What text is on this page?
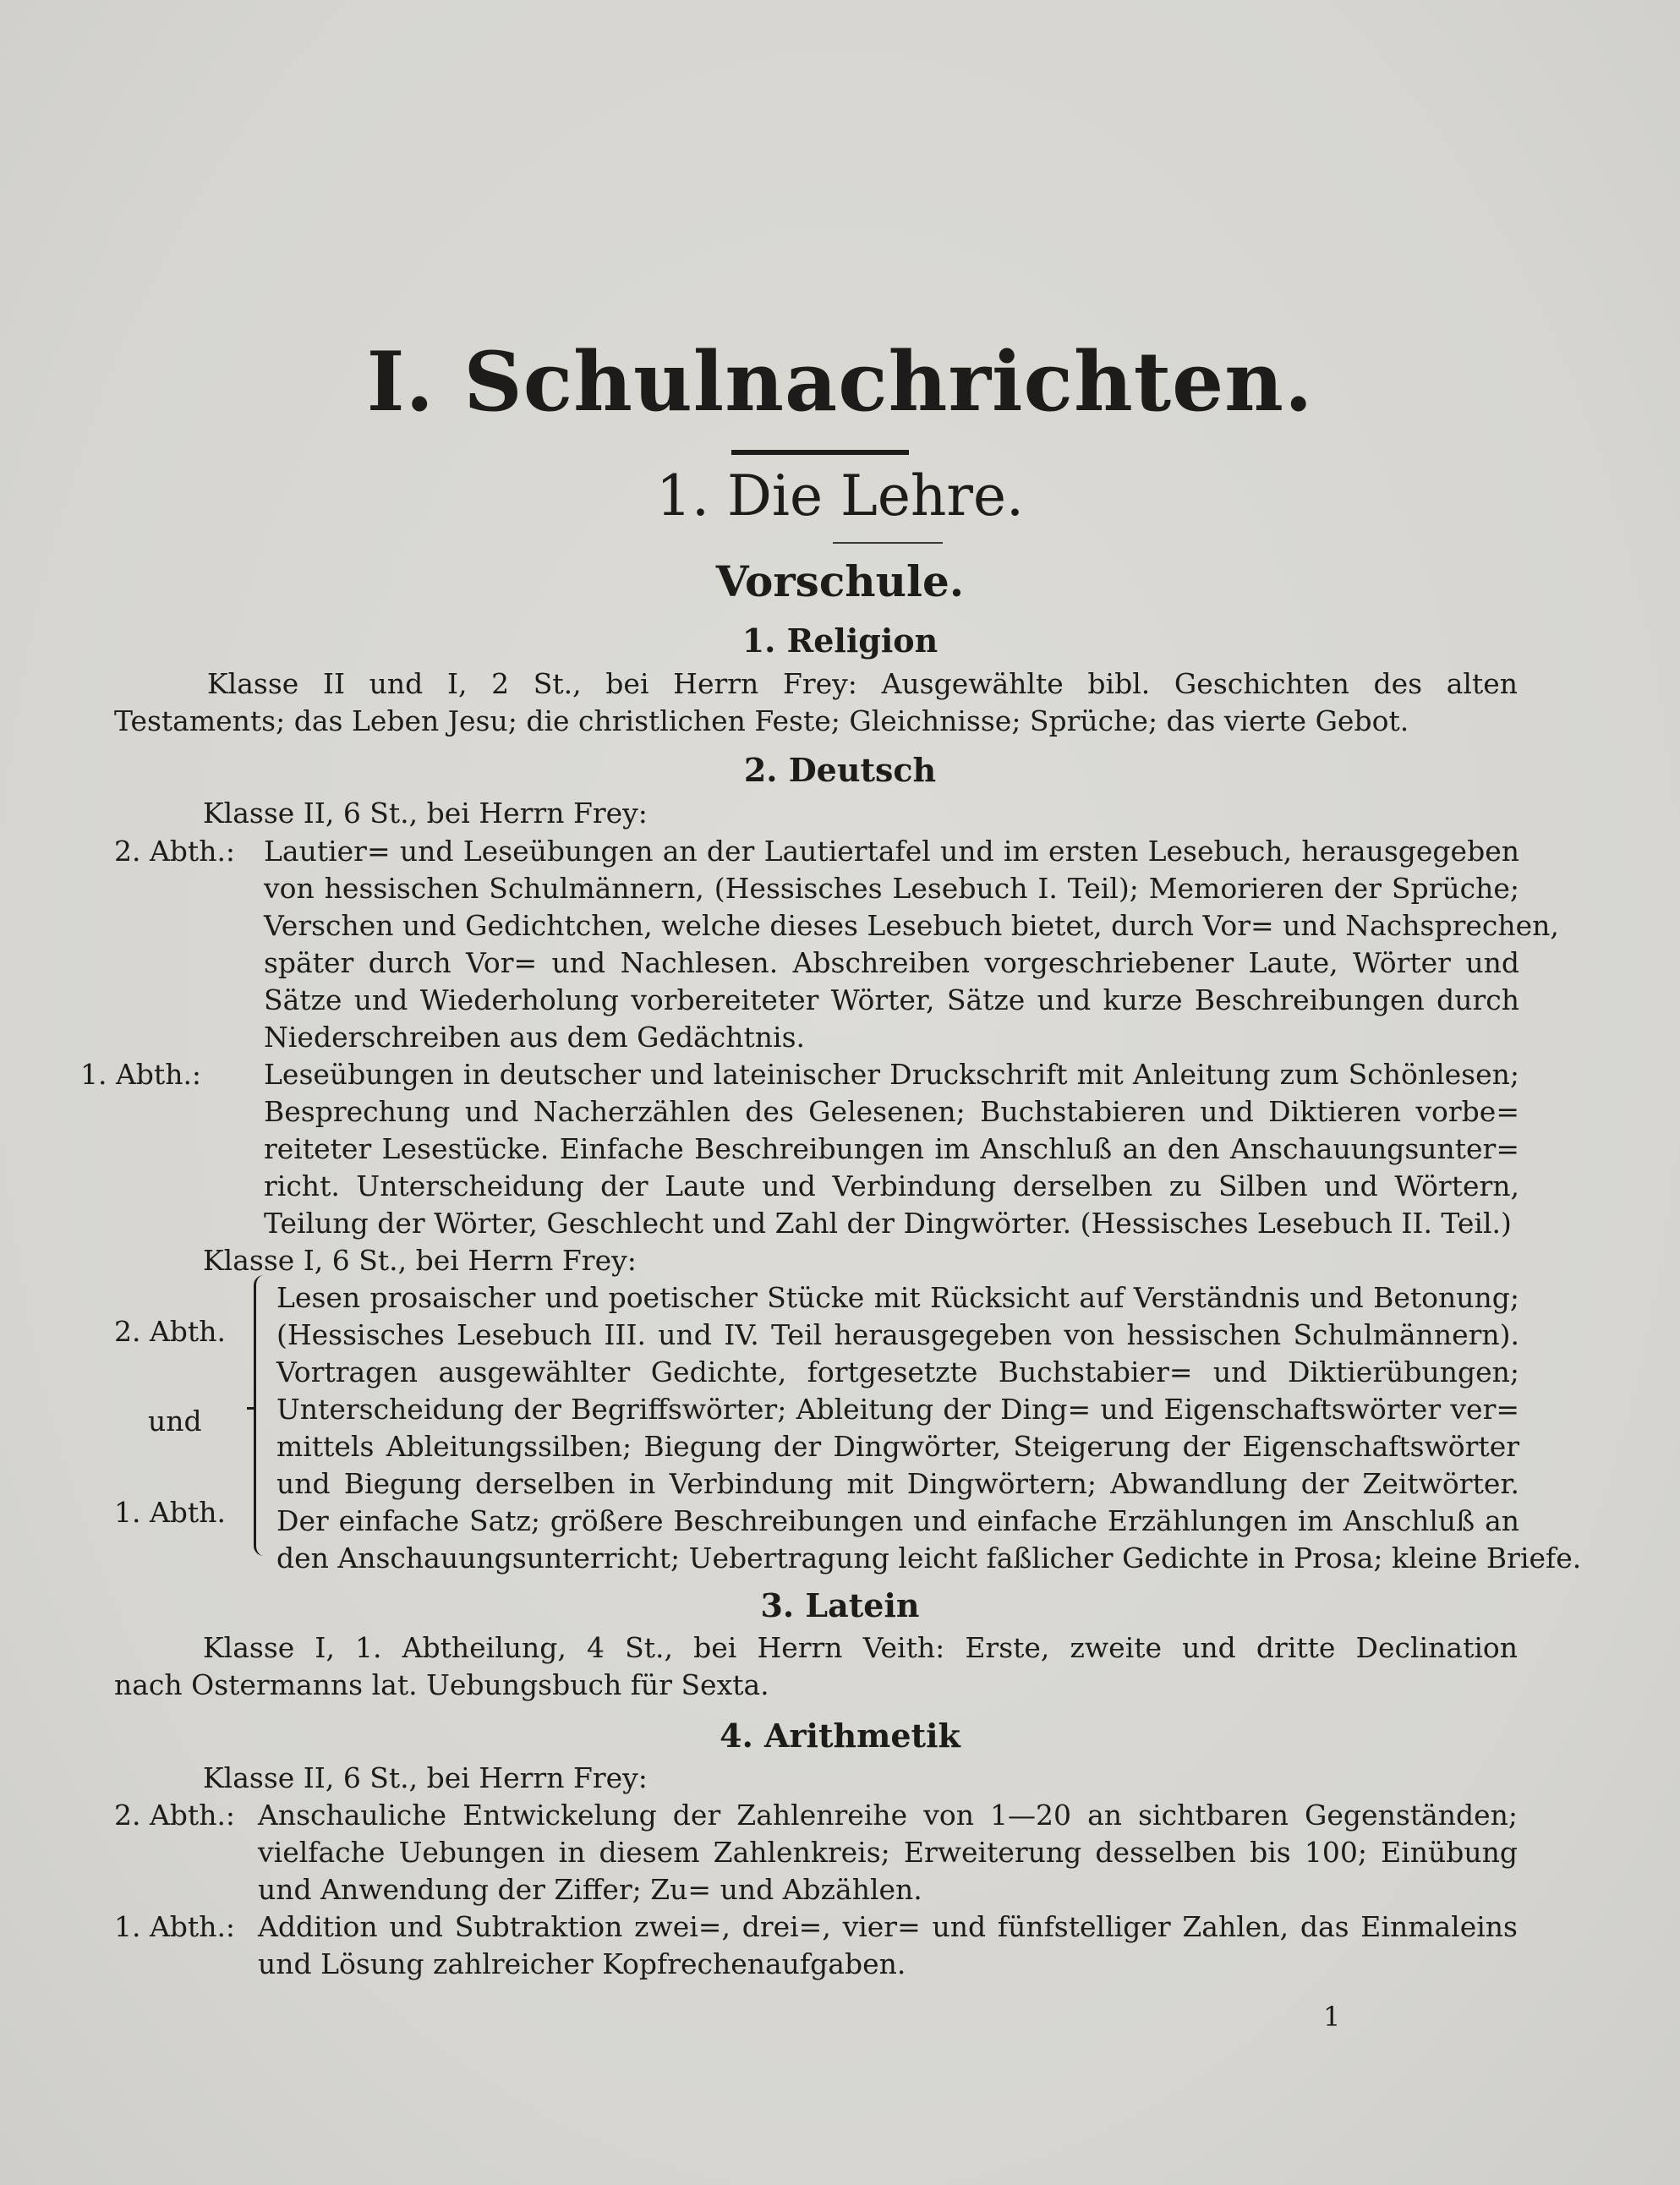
I. Schulnachrichten.
1. Die Lehre.
Vorschule.
1. Religion
Klasse II und I, 2 St., bei Herrn Frey: Ausgewählte bibl. Geschichten des alten
Testaments; das Leben Jesu; die christlichen Feste; Gleichnisse; Sprüche; das vierte Gebot.
2. Deutsch
Klasse II, 6 St., bei Herrn Frey:
2. Abth.: Lautier= und Leseübungen an der Lautiertafel und im ersten Lesebuch, herausgegeben
von hessischen Schulmännern, (Hessisches Lesebuch I. Teil); Memorieren der Sprüche;
Verschen und Gedichtchen, welche dieses Lesebuch bietet, durch Vor= und Nachsprechen,
später durch Vor= und Nachlesen. Abschreiben vorgeschriebener Laute, Wörter und
Sätze und Wiederholung vorbereiteter Wörter, Sätze und kurze Beschreibungen durch
Niederschreiben aus dem Gedächtnis.
1. Abth.: Leseübungen in deutscher und lateinischer Druckschrift mit Anleitung zum Schönlesen;
Besprechung und Nacherzählen des Gelesenen; Buchstabieren und Diktieren vorbe=
reiteter Lesestücke. Einfache Beschreibungen im Anschluß an den Anschauungsunter=
richt. Unterscheidung der Laute und Verbindung derselben zu Silben und Wörtern,
Teilung der Wörter, Geschlecht und Zahl der Dingwörter. (Hessisches Lesebuch II. Teil.)
Klasse I, 6 St., bei Herrn Frey:
2. Abth.
und
1. Abth.
Lesen prosaischer und poetischer Stücke mit Rücksicht auf Verständnis und Betonung;
(Hessisches Lesebuch III. und IV. Teil herausgegeben von hessischen Schulmännern).
Vortragen ausgewählter Gedichte, fortgesetzte Buchstabier= und Diktierübungen;
Unterscheidung der Begriffswörter; Ableitung der Ding= und Eigenschaftswörter ver=
mittels Ableitungssilben; Biegung der Dingwörter, Steigerung der Eigenschaftswörter
und Biegung derselben in Verbindung mit Dingwörtern; Abwandlung der Zeitwörter.
Der einfache Satz; größere Beschreibungen und einfache Erzählungen im Anschluß an
den Anschauungsunterricht; Uebertragung leicht faßlicher Gedichte in Prosa; kleine Briefe.
3. Latein
Klasse I, 1. Abtheilung, 4 St., bei Herrn Veith: Erste, zweite und dritte Declination
nach Ostermanns lat. Uebungsbuch für Sexta.
4. Arithmetik
Klasse II, 6 St., bei Herrn Frey:
2. Abth.: Anschauliche Entwickelung der Zahlenreihe von 1—20 an sichtbaren Gegenständen;
vielfache Uebungen in diesem Zahlenkreis; Erweiterung desselben bis 100; Einübung
und Anwendung der Ziffer; Zu= und Abzählen.
1. Abth.: Addition und Subtraktion zwei=, drei=, vier= und fünfstelliger Zahlen, das Einmaleins
und Lösung zahlreicher Kopfrechenaufgaben.
1
